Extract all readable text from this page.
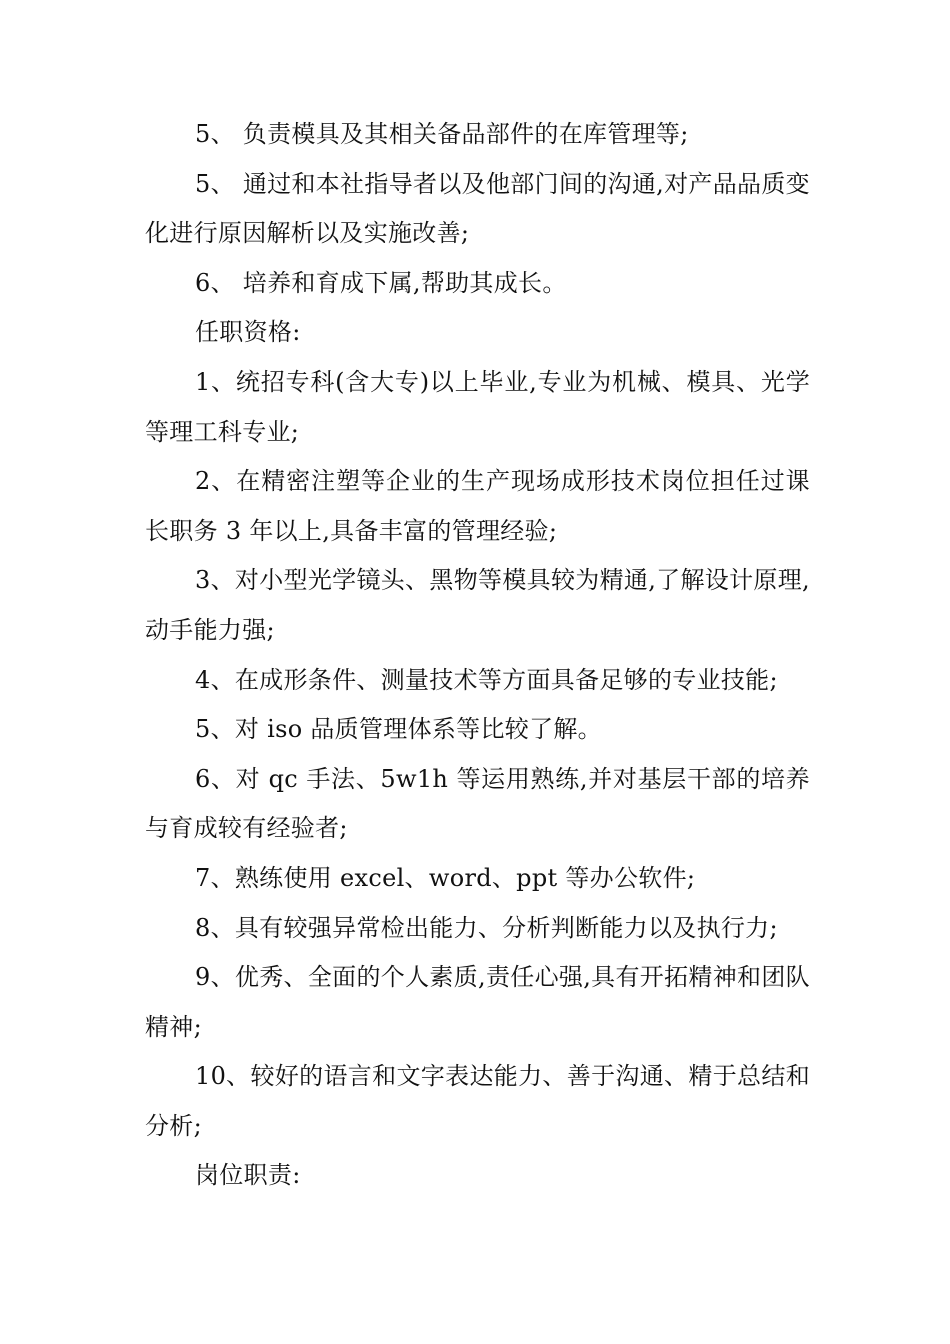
5、 负责模具及其相关备品部件的在库管理等;

5、 通过和本社指导者以及他部门间的沟通,对产品品质变化进行原因解析以及实施改善;

6、 培养和育成下属,帮助其成长。

任职资格:

1、统招专科(含大专)以上毕业,专业为机械、模具、光学等理工科专业;

2、在精密注塑等企业的生产现场成形技术岗位担任过课长职务 3 年以上,具备丰富的管理经验;

3、对小型光学镜头、黑物等模具较为精通,了解设计原理,动手能力强;

4、在成形条件、测量技术等方面具备足够的专业技能;

5、对 iso 品质管理体系等比较了解。

6、对 qc 手法、5w1h 等运用熟练,并对基层干部的培养与育成较有经验者;

7、熟练使用 excel、word、ppt 等办公软件;

8、具有较强异常检出能力、分析判断能力以及执行力;

9、优秀、全面的个人素质,责任心强,具有开拓精神和团队精神;

10、较好的语言和文字表达能力、善于沟通、精于总结和分析;

岗位职责:
